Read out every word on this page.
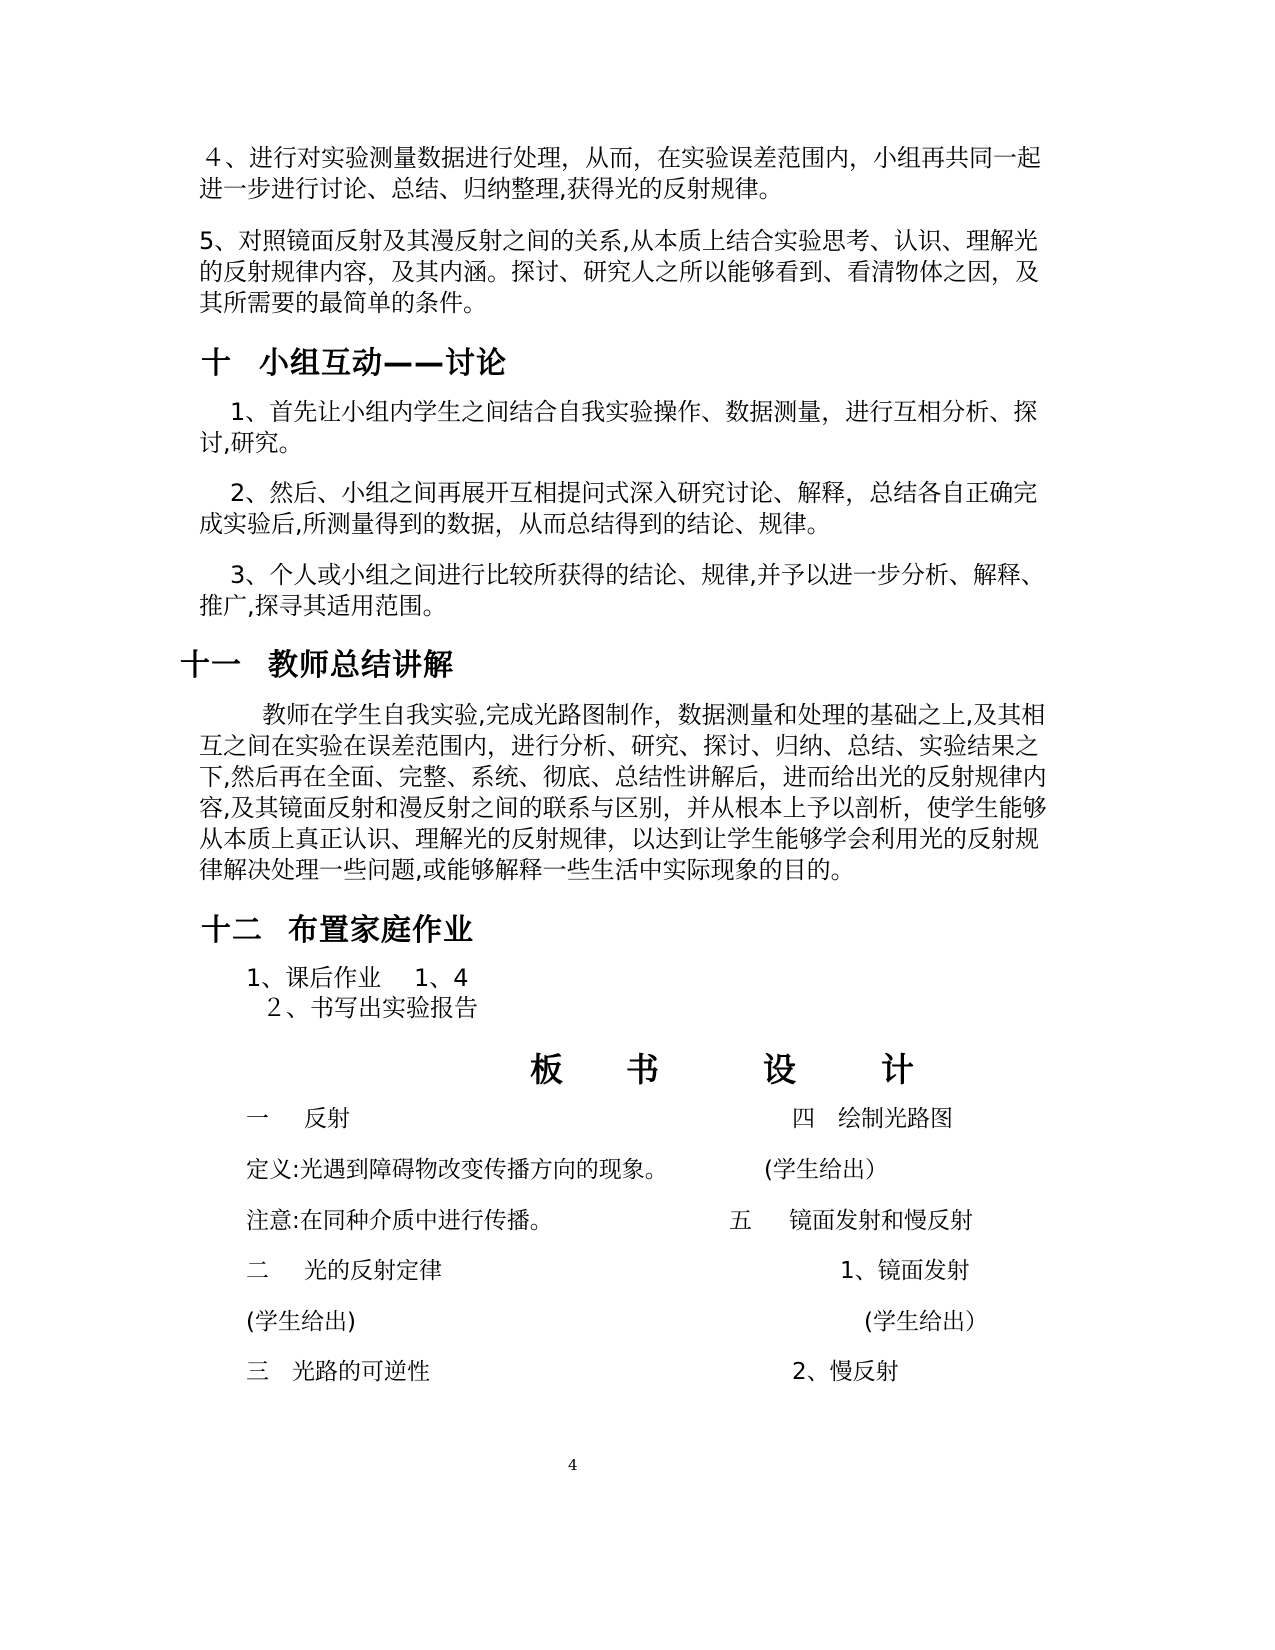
４、进行对实验测量数据进行处理，从而，在实验误差范围内，小组再共同一起
进一步进行讨论、总结、归纳整理,获得光的反射规律。
5、对照镜面反射及其漫反射之间的关系,从本质上结合实验思考、认识、理解光
的反射规律内容，及其内涵。探讨、研究人之所以能够看到、看清物体之因，及
其所需要的最简单的条件。
十 小组互动——讨论
1、首先让小组内学生之间结合自我实验操作、数据测量，进行互相分析、探
讨,研究。
2、然后、小组之间再展开互相提问式深入研究讨论、解释，总结各自正确完
成实验后,所测量得到的数据，从而总结得到的结论、规律。
3、个人或小组之间进行比较所获得的结论、规律,并予以进一步分析、解释、
推广,探寻其适用范围。
十一 教师总结讲解
教师在学生自我实验,完成光路图制作，数据测量和处理的基础之上,及其相
互之间在实验在误差范围内，进行分析、研究、探讨、归纳、总结、实验结果之
下,然后再在全面、完整、系统、彻底、总结性讲解后，进而给出光的反射规律内
容,及其镜面反射和漫反射之间的联系与区别，并从根本上予以剖析，使学生能够
从本质上真正认识、理解光的反射规律，以达到让学生能够学会利用光的反射规
律解决处理一些问题,或能够解释一些生活中实际现象的目的。
十二 布置家庭作业
1、课后作业 1、4
２、书写出实验报告
板 书	设	计
一 反射
定义:光遇到障碍物改变传播方向的现象。
注意:在同种介质中进行传播。
二 光的反射定律
(学生给出)
三　光路的可逆性
四　绘制光路图
(学生给出）
五 镜面发射和慢反射
1、镜面发射
(学生给出）
2、慢反射
4
